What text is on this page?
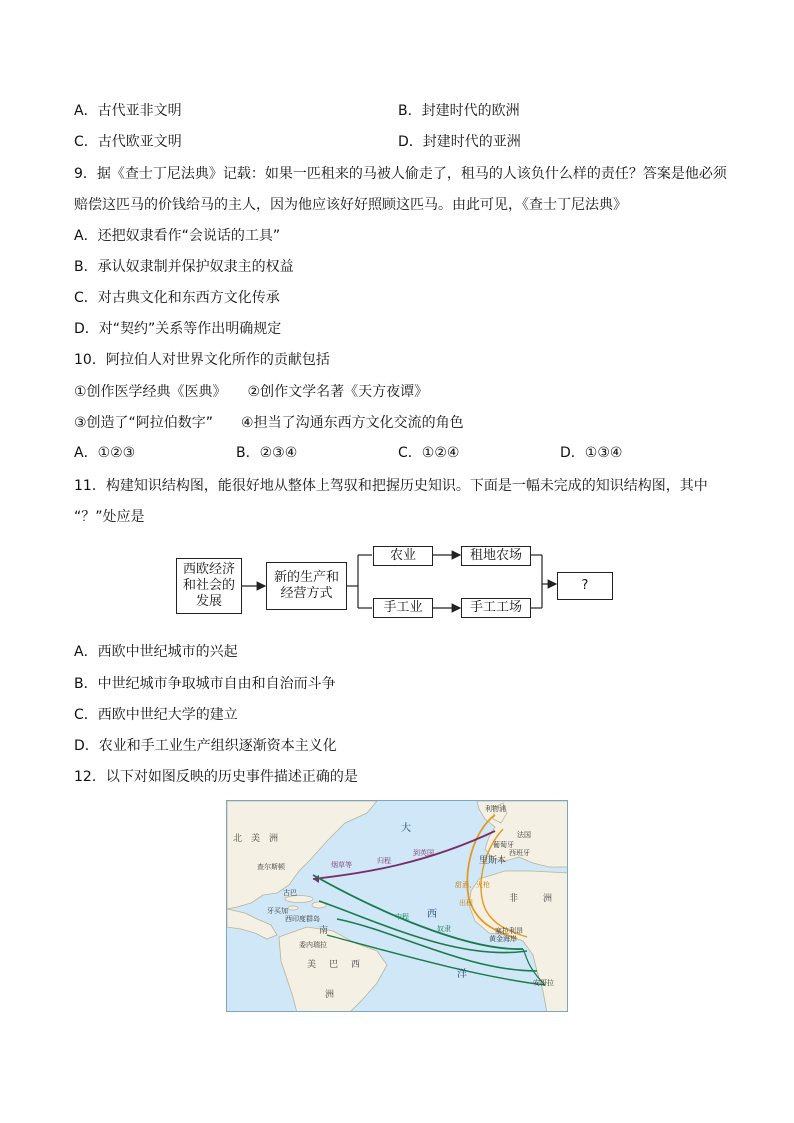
A．古代亚非文明	B．封建时代的欧洲
C．古代欧亚文明	D．封建时代的亚洲
9．据《查士丁尼法典》记载：如果一匹租来的马被人偷走了，租马的人该负什么样的责任？答案是他必须
赔偿这匹马的价钱给马的主人，因为他应该好好照顾这匹马。由此可见，《查士丁尼法典》
A．还把奴隶看作“会说话的工具”
B．承认奴隶制并保护奴隶主的权益
C．对古典文化和东西方文化传承
D．对“契约”关系等作出明确规定
10．阿拉伯人对世界文化所作的贡献包括
①创作医学经典《医典》　　②创作文学名著《天方夜谭》
③创造了“阿拉伯数字”　　④担当了沟通东西方文化交流的角色
A．①②③	B．②③④	C．①②④	D．①③④
11．构建知识结构图，能很好地从整体上驾驭和把握历史知识。下面是一幅未完成的知识结构图，其中
“？”处应是
西欧经济
和社会的
发展
新的生产和
经营方式
农业	租地农场
手工业	手工工场
?
A．西欧中世纪城市的兴起
B．中世纪城市争取城市自由和自治而斗争
C．西欧中世纪大学的建立
D．农业和手工业生产组织逐渐资本主义化
12．以下对如图反映的历史事件描述正确的是
北　美　洲
大
西
洋
非	洲
南
美 巴 西
洲
查尔斯顿
古巴
牙买加
西印度群岛
委内瑞拉
利物浦
法国
葡萄牙
西班牙
里斯本
塞拉利昂
黄金海岸
安哥拉
烟草等	归程
到英国
中程
奴隶
出程
甜酒、火枪
